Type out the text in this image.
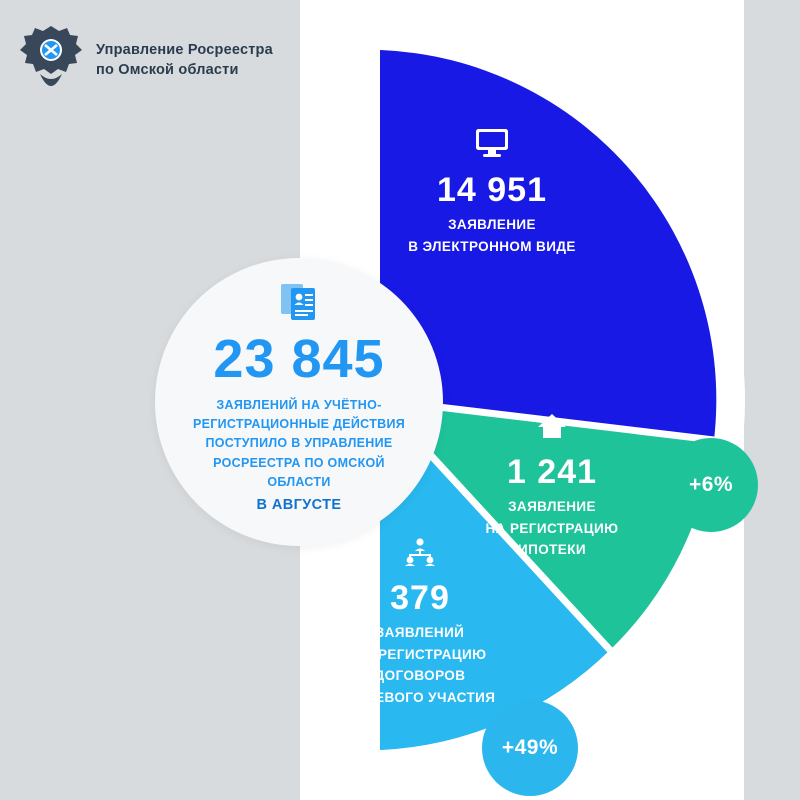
Управление Росреестра
по Омской области
23 845
ЗАЯВЛЕНИЙ НА УЧЁТНО-РЕГИСТРАЦИОННЫЕ ДЕЙСТВИЯ ПОСТУПИЛО В УПРАВЛЕНИЕ РОСРЕЕСТРА ПО ОМСКОЙ ОБЛАСТИ
В АВГУСТЕ
14 951
ЗАЯВЛЕНИЕ
В ЭЛЕКТРОННОМ ВИДЕ
1 241
ЗАЯВЛЕНИЕ
НА РЕГИСТРАЦИЮ
ИПОТЕКИ
379
ЗАЯВЛЕНИЙ
НА РЕГИСТРАЦИЮ
ДОГОВОРОВ
ДОЛЕВОГО УЧАСТИЯ
+6%
+49%
